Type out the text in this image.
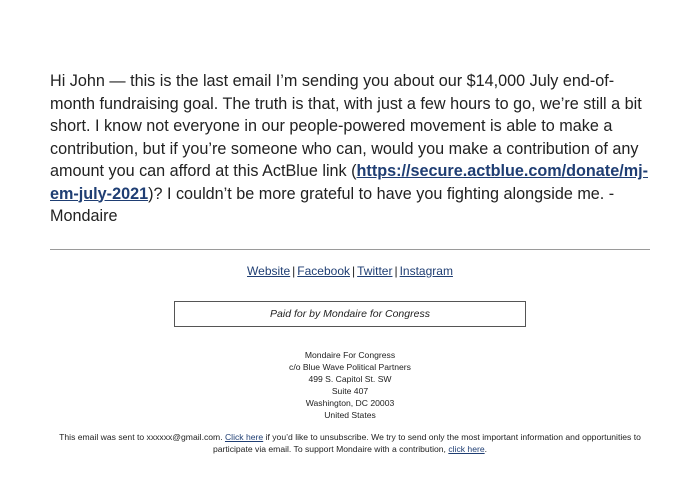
Hi John — this is the last email I’m sending you about our $14,000 July end-of-month fundraising goal. The truth is that, with just a few hours to go, we’re still a bit short. I know not everyone in our people-powered movement is able to make a contribution, but if you’re someone who can, would you make a contribution of any amount you can afford at this ActBlue link (https://secure.actblue.com/donate/mj-em-july-2021)? I couldn’t be more grateful to have you fighting alongside me. - Mondaire
Website | Facebook | Twitter | Instagram
Paid for by Mondaire for Congress
Mondaire For Congress
c/o Blue Wave Political Partners
499 S. Capitol St. SW
Suite 407
Washington, DC 20003
United States
This email was sent to xxxxxx@gmail.com. Click here if you’d like to unsubscribe. We try to send only the most important information and opportunities to participate via email. To support Mondaire with a contribution, click here.
